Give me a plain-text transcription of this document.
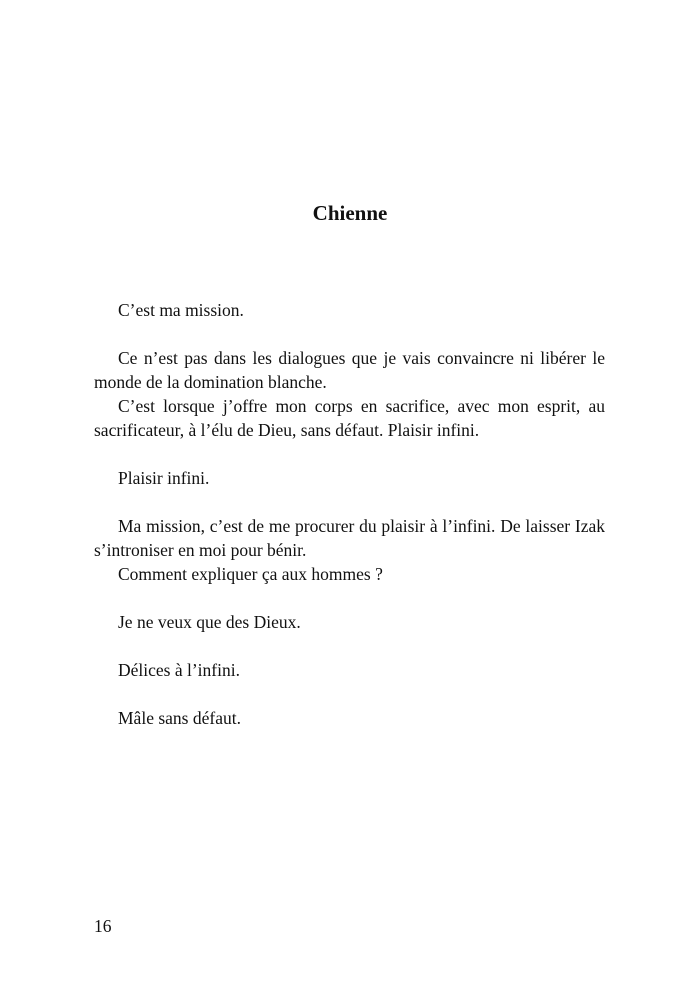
Chienne

C’est ma mission.

Ce n’est pas dans les dialogues que je vais convaincre ni libérer le monde de la domination blanche.

C’est lorsque j’offre mon corps en sacrifice, avec mon esprit, au sacrificateur, à l’élu de Dieu, sans défaut. Plaisir infini.

Plaisir infini.

Ma mission, c’est de me procurer du plaisir à l’infini. De laisser Izak s’introniser en moi pour bénir.

Comment expliquer ça aux hommes ?

Je ne veux que des Dieux.

Délices à l’infini.

Mâle sans défaut.

16
